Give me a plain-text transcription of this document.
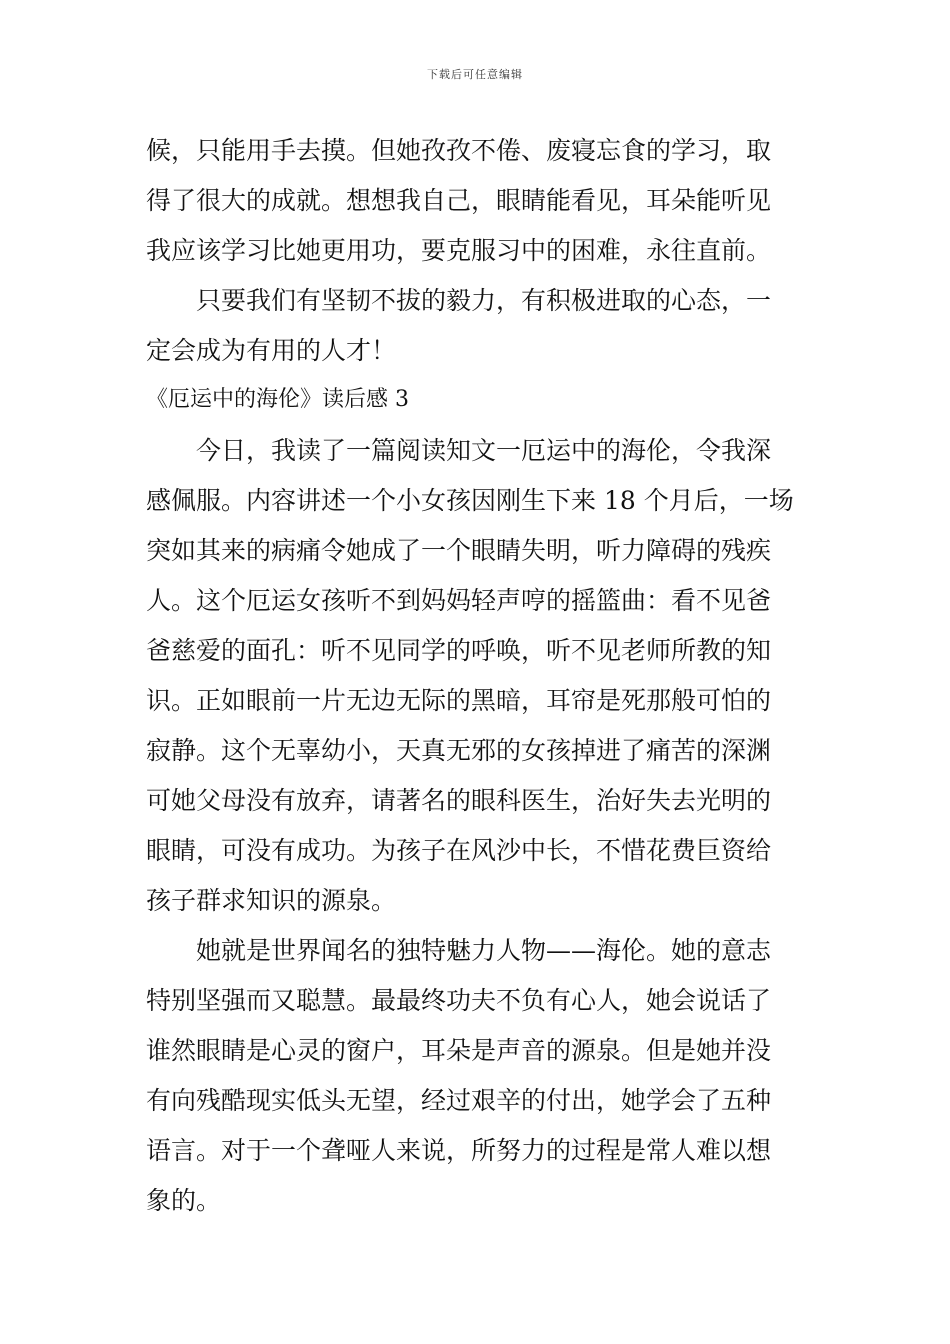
下载后可任意编辑
候，只能用手去摸。但她孜孜不倦、废寝忘食的学习，取
得了很大的成就。想想我自己，眼睛能看见，耳朵能听见
我应该学习比她更用功，要克服习中的困难，永往直前。
只要我们有坚韧不拔的毅力，有积极进取的心态，一
定会成为有用的人才！
《厄运中的海伦》读后感 3
今日，我读了一篇阅读知文一厄运中的海伦，令我深
感佩服。内容讲述一个小女孩因刚生下来 18 个月后，一场
突如其来的病痛令她成了一个眼睛失明，听力障碍的残疾
人。这个厄运女孩听不到妈妈轻声哼的摇篮曲：看不见爸
爸慈爱的面孔：听不见同学的呼唤，听不见老师所教的知
识。正如眼前一片无边无际的黑暗，耳帘是死那般可怕的
寂静。这个无辜幼小，天真无邪的女孩掉进了痛苦的深渊
可她父母没有放弃，请著名的眼科医生，治好失去光明的
眼睛，可没有成功。为孩子在风沙中长，不惜花费巨资给
孩子群求知识的源泉。
她就是世界闻名的独特魅力人物——海伦。她的意志
特别坚强而又聪慧。最最终功夫不负有心人，她会说话了
谁然眼睛是心灵的窗户，耳朵是声音的源泉。但是她并没
有向残酷现实低头无望，经过艰辛的付出，她学会了五种
语言。对于一个聋哑人来说，所努力的过程是常人难以想
象的。
